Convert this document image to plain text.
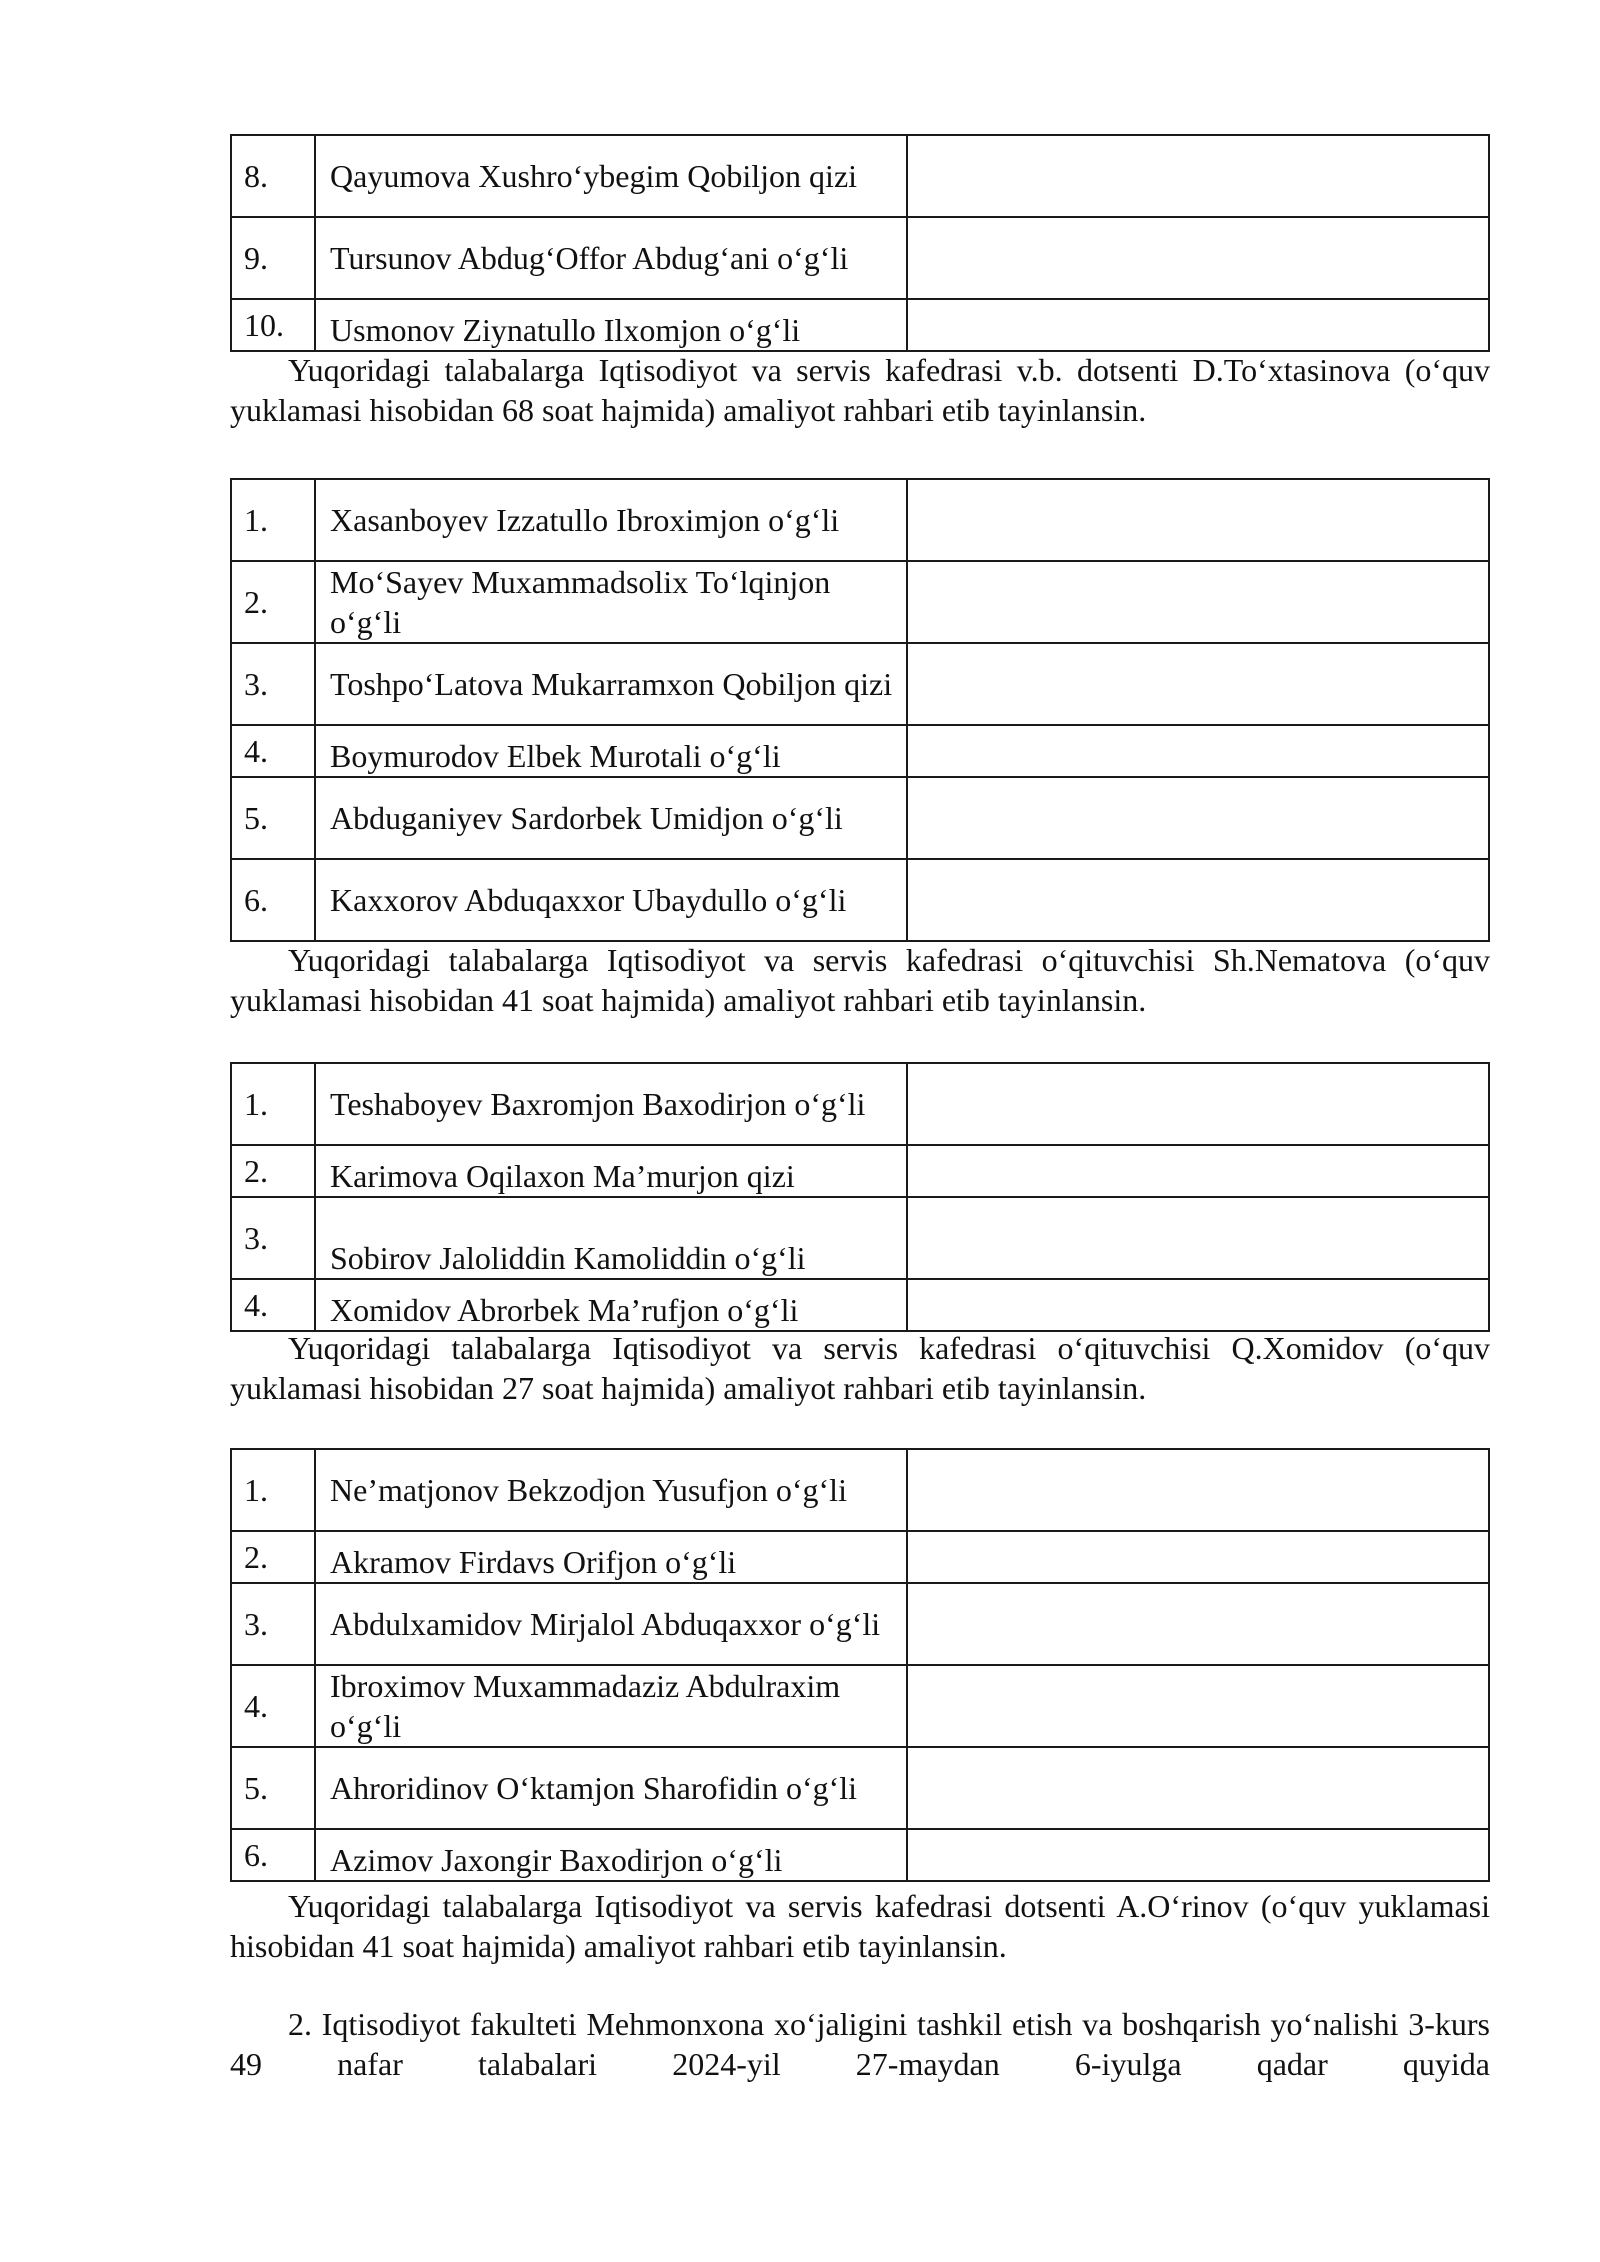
8.	Qayumova Xushro‘ybegim Qobiljon qizi	
9.	Tursunov Abdug‘Offor Abdug‘ani o‘g‘li	
10.	Usmonov Ziynatullo Ilxomjon o‘g‘li	

Yuqoridagi talabalarga Iqtisodiyot va servis kafedrasi v.b. dotsenti D.To‘xtasinova (o‘quv yuklamasi hisobidan 68 soat hajmida) amaliyot rahbari etib tayinlansin.

1.	Xasanboyev Izzatullo Ibroximjon o‘g‘li	
2.	Mo‘Sayev Muxammadsolix To‘lqinjon o‘g‘li	
3.	Toshpo‘Latova Mukarramxon Qobiljon qizi	
4.	Boymurodov Elbek Murotali o‘g‘li	
5.	Abduganiyev Sardorbek Umidjon o‘g‘li	
6.	Kaxxorov Abduqaxxor Ubaydullo o‘g‘li	

Yuqoridagi talabalarga Iqtisodiyot va servis kafedrasi o‘qituvchisi Sh.Nematova (o‘quv yuklamasi hisobidan 41 soat hajmida) amaliyot rahbari etib tayinlansin.

1.	Teshaboyev Baxromjon Baxodirjon o‘g‘li	
2.	Karimova Oqilaxon Ma’murjon qizi	
3.	Sobirov Jaloliddin Kamoliddin o‘g‘li	
4.	Xomidov Abrorbek Ma’rufjon o‘g‘li	

Yuqoridagi talabalarga Iqtisodiyot va servis kafedrasi o‘qituvchisi Q.Xomidov (o‘quv yuklamasi hisobidan 27 soat hajmida) amaliyot rahbari etib tayinlansin.

1.	Ne’matjonov Bekzodjon Yusufjon o‘g‘li	
2.	Akramov Firdavs Orifjon o‘g‘li	
3.	Abdulxamidov Mirjalol Abduqaxxor o‘g‘li	
4.	Ibroximov Muxammadaziz Abdulraxim o‘g‘li	
5.	Ahroridinov O‘ktamjon Sharofidin o‘g‘li	
6.	Azimov Jaxongir Baxodirjon o‘g‘li	

Yuqoridagi talabalarga Iqtisodiyot va servis kafedrasi dotsenti A.O‘rinov (o‘quv yuklamasi hisobidan 41 soat hajmida) amaliyot rahbari etib tayinlansin.

2. Iqtisodiyot fakulteti Mehmonxona xo‘jaligini tashkil etish va boshqarish yo‘nalishi 3-kurs 49 nafar talabalari 2024-yil 27-maydan 6-iyulga qadar quyida
